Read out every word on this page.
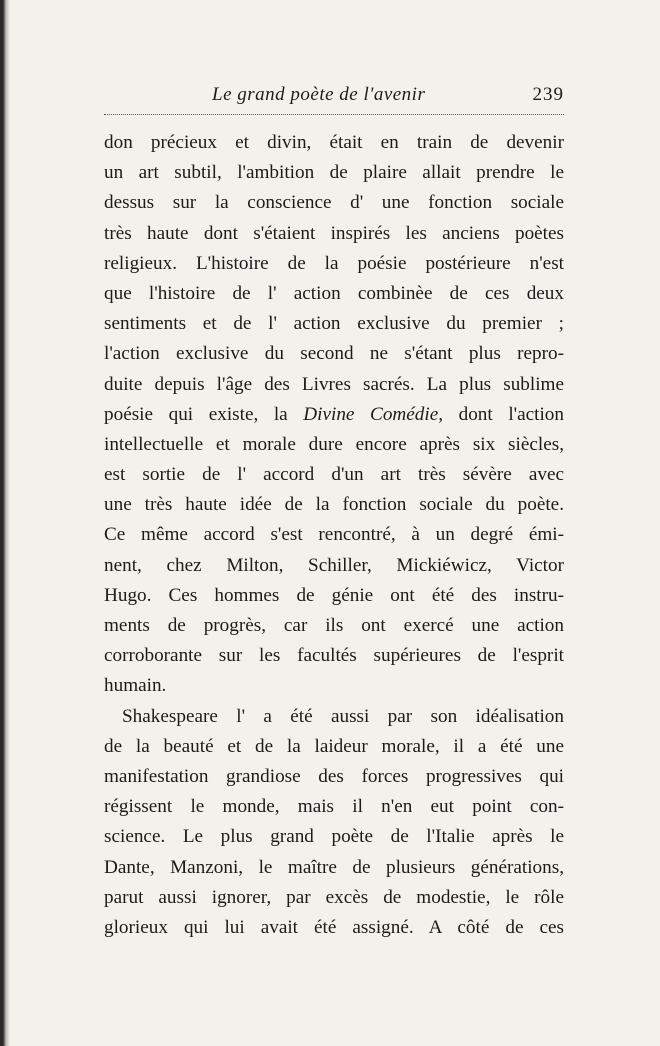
Le grand poète de l'avenir	239
don précieux et divin, était en train de devenir
un art subtil, l'ambition de plaire allait prendre le
dessus sur la conscience d' une fonction sociale
très haute dont s'étaient inspirés les anciens poètes
religieux. L'histoire de la poésie postérieure n'est
que l'histoire de l' action combinèe de ces deux
sentiments et de l' action exclusive du premier ;
l'action exclusive du second ne s'étant plus repro-
duite depuis l'âge des Livres sacrés. La plus sublime
poésie qui existe, la Divine Comédie, dont l'action
intellectuelle et morale dure encore après six siècles,
est sortie de l' accord d'un art très sévère avec
une très haute idée de la fonction sociale du poète.
Ce même accord s'est rencontré, à un degré émi-
nent, chez Milton, Schiller, Mickiéwicz, Victor
Hugo. Ces hommes de génie ont été des instru-
ments de progrès, car ils ont exercé une action
corroborante sur les facultés supérieures de l'esprit
humain.
Shakespeare l' a été aussi par son idéalisation
de la beauté et de la laideur morale, il a été une
manifestation grandiose des forces progressives qui
régissent le monde, mais il n'en eut point con-
science. Le plus grand poète de l'Italie après le
Dante, Manzoni, le maître de plusieurs générations,
parut aussi ignorer, par excès de modestie, le rôle
glorieux qui lui avait été assigné. A côté de ces
